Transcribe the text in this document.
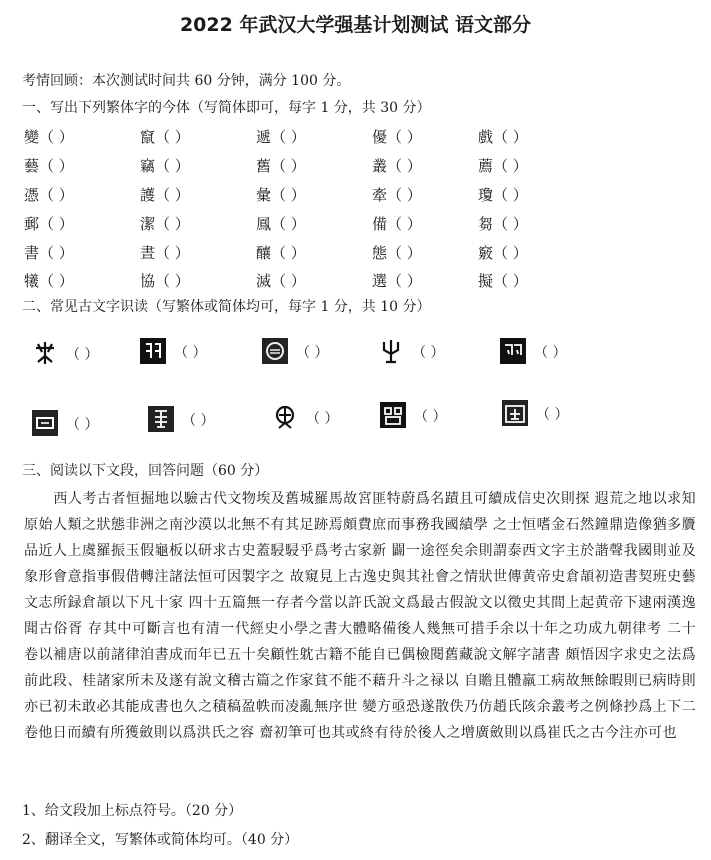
2022 年武汉大学强基计划测试 语文部分
考情回顾：本次测试时间共 60 分钟，满分 100 分。
一、写出下列繁体字的今体（写简体即可，每字 1 分，共 30 分）
變（ ）	竄（ ）	遞（ ）	優（ ）	戲（ ）
藝（ ）	竊（ ）	舊（ ）	叢（ ）	薦（ ）
憑（ ）	護（ ）	彙（ ）	牽（ ）	瓊（ ）
郵（ ）	潔（ ）	鳳（ ）	備（ ）	芻（ ）
書（ ）	晝（ ）	釀（ ）	態（ ）	竅（ ）
犧（ ）	協（ ）	滅（ ）	選（ ）	擬（ ）
二、常见古文字识读（写繁体或简体均可，每字 1 分，共 10 分）
（ ）	（ ）	（ ）	（ ）	（ ）
（ ）	（ ）	（ ）	（ ）	（ ）
三、阅读以下文段，回答问题（60 分）
西人考古者恒掘地以驗古代文物埃及舊城羅馬故宮匪特蔚爲名蹟且可續成信史次則探 遐荒之地以求知原始人類之狀態非洲之南沙漠以北無不有其足跡焉頗費庶而事務我國績學 之士恒嗜金石然鐘鼎造像猶多贗品近人上虞羅振玉假龜板以研求古史蓋駸駸乎爲考古家新 闢一途徑矣余則謂泰西文字主於諧聲我國則並及象形會意指事假借轉注諸法恒可因製字之 故窺見上古逸史與其社會之情狀世傳黄帝史倉頡初造書契班史藝文志所録倉頡以下凡十家 四十五篇無一存者今當以許氏說文爲最古假說文以徵史其間上起黄帝下逮兩漢逸聞古俗胥 存其中可斷言也有清一代經史小學之書大體略備後人幾無可措手余以十年之功成九朝律考 二十卷以補唐以前諸律洎書成而年已五十矣顧性躭古籍不能自已偶檢閱舊藏說文解字諸書 頗悟因字求史之法爲前此段、桂諸家所未及遂有說文稽古篇之作家貧不能不藉升斗之禄以 自贍且體羸工病故無餘暇則已病時則亦已初未敢必其能成書也久之積稿盈帙而凌亂無序世 變方亟恐遂散佚乃仿趙氏陔余叢考之例條抄爲上下二卷他日而續有所獲斂則以爲洪氏之容 齋初筆可也其或終有待於後人之增廣斂則以爲崔氏之古今注亦可也
1、给文段加上标点符号。（20 分）
2、翻译全文，写繁体或简体均可。（40 分）
